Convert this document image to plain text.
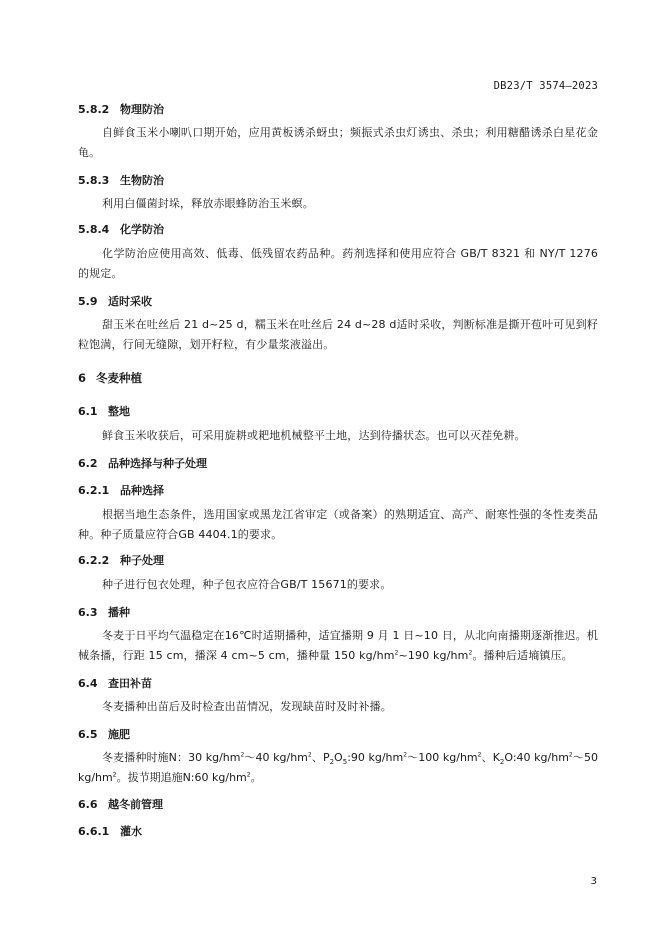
DB23/T 3574—2023
5.8.2 物理防治
自鲜食玉米小喇叭口期开始，应用黄板诱杀蚜虫；频振式杀虫灯诱虫、杀虫；利用糖醋诱杀白星花金龟。
5.8.3 生物防治
利用白僵菌封垛，释放赤眼蜂防治玉米螟。
5.8.4 化学防治
化学防治应使用高效、低毒、低残留农药品种。药剂选择和使用应符合 GB/T 8321 和 NY/T 1276 的规定。
5.9 适时采收
甜玉米在吐丝后 21 d~25 d，糯玉米在吐丝后 24 d~28 d适时采收，判断标准是撕开苞叶可见到籽粒饱满，行间无缝隙，划开籽粒，有少量浆液溢出。
6 冬麦种植
6.1 整地
鲜食玉米收获后，可采用旋耕或耙地机械整平土地，达到待播状态。也可以灭茬免耕。
6.2 品种选择与种子处理
6.2.1 品种选择
根据当地生态条件，选用国家或黑龙江省审定（或备案）的熟期适宜、高产、耐寒性强的冬性麦类品种。种子质量应符合GB 4404.1的要求。
6.2.2 种子处理
种子进行包衣处理，种子包衣应符合GB/T 15671的要求。
6.3 播种
冬麦于日平均气温稳定在16℃时适期播种，适宜播期 9 月 1 日~10 日，从北向南播期逐渐推迟。机械条播，行距 15 cm，播深 4 cm~5 cm，播种量 150 $kg/hm^2\sim 190$ $kg/hm^2$。播种后适墒镇压。
6.4 查田补苗
冬麦播种出苗后及时检查出苗情况，发现缺苗时及时补播。
6.5 施肥
冬麦播种时施N：30 $kg/hm^2\sim 40$ $kg/hm^2$、$P_2O_5:90$ $kg/hm^2\sim 100$ $kg/hm^2$、$K_2O:40$ $kg/hm^2\sim 50$ $kg/hm^2$。拔节期追施N:60 $kg/hm^2$。
6.6 越冬前管理
6.6.1 灌水
3
